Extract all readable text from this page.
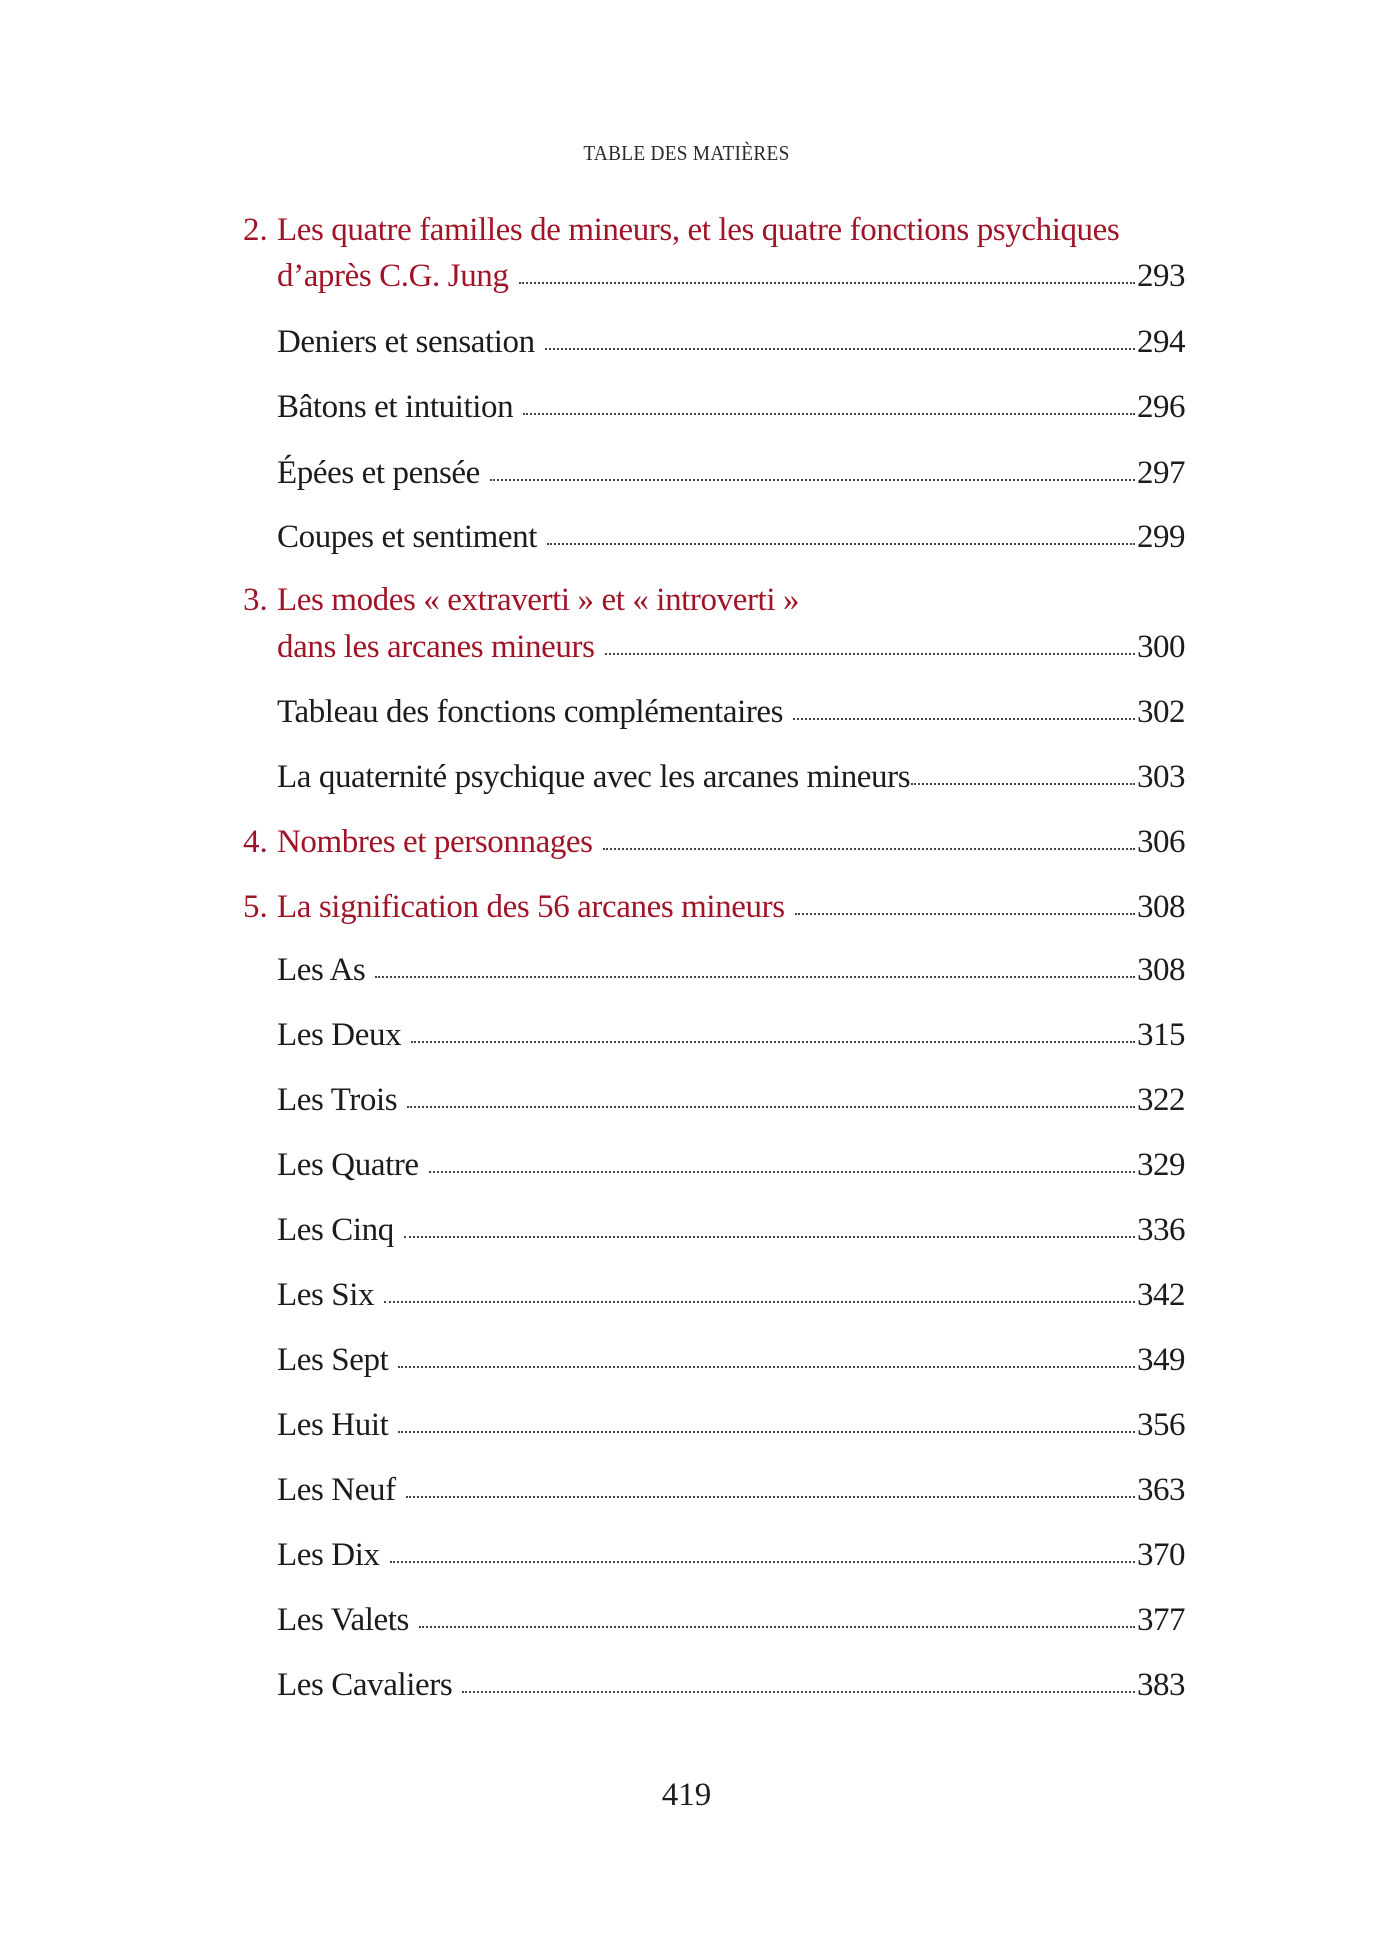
TABLE DES MATIÈRES
2. Les quatre familles de mineurs, et les quatre fonctions psychiques
d’après C.G. Jung	293
Deniers et sensation	294
Bâtons et intuition	296
Épées et pensée	297
Coupes et sentiment	299
3. Les modes « extraverti » et « introverti »
dans les arcanes mineurs	300
Tableau des fonctions complémentaires	302
La quaternité psychique avec les arcanes mineurs	303
4. Nombres et personnages	306
5. La signification des 56 arcanes mineurs	308
Les As	308
Les Deux	315
Les Trois	322
Les Quatre	329
Les Cinq	336
Les Six	342
Les Sept	349
Les Huit	356
Les Neuf	363
Les Dix	370
Les Valets	377
Les Cavaliers	383
419
